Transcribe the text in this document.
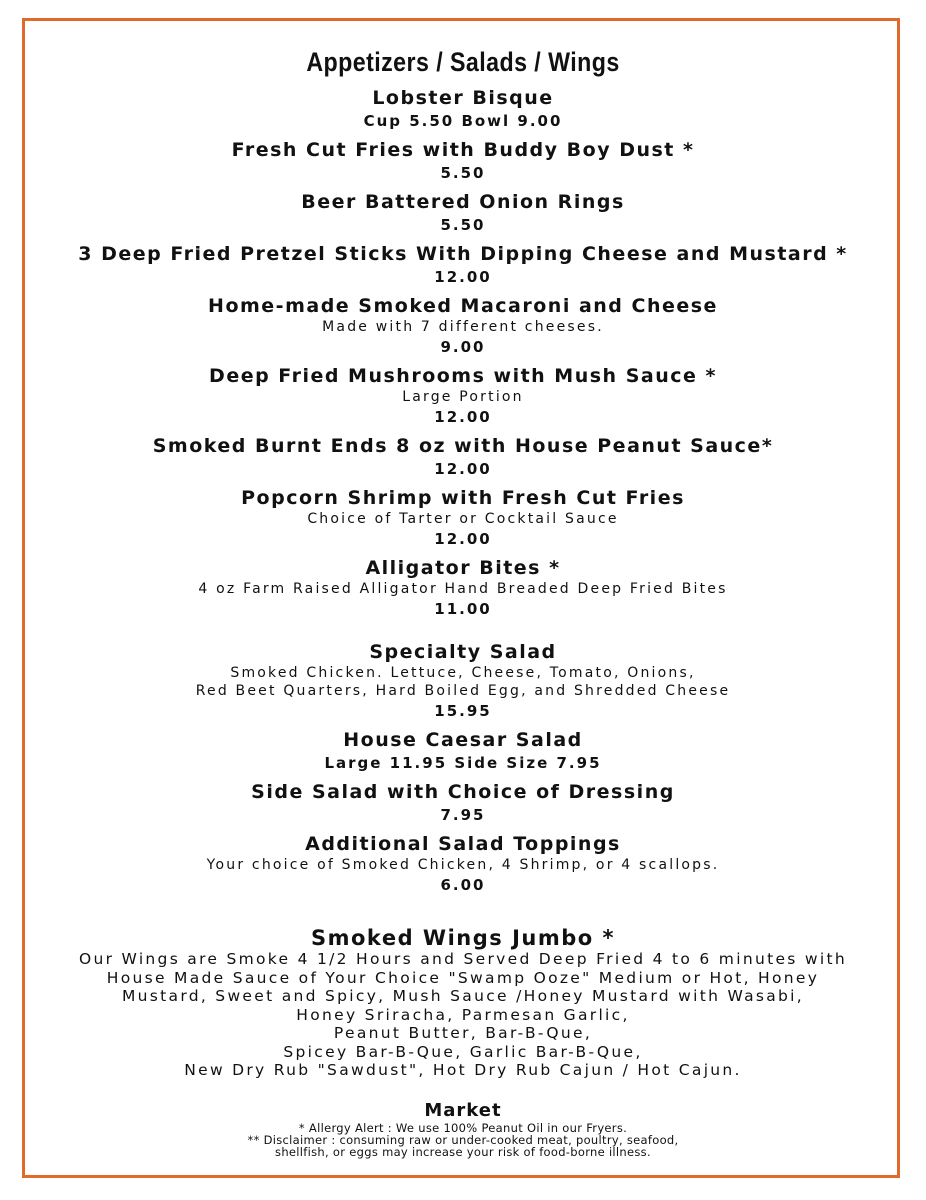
Appetizers / Salads / Wings
Lobster Bisque
Cup 5.50 Bowl 9.00
Fresh Cut Fries with Buddy Boy Dust *
5.50
Beer Battered Onion Rings
5.50
3 Deep Fried Pretzel Sticks With Dipping Cheese and Mustard *
12.00
Home-made Smoked Macaroni and Cheese
Made with 7 different cheeses.
9.00
Deep Fried Mushrooms with Mush Sauce *
Large Portion
12.00
Smoked Burnt Ends 8 oz with House Peanut Sauce*
12.00
Popcorn Shrimp with Fresh Cut Fries
Choice of Tarter or Cocktail Sauce
12.00
Alligator Bites *
4 oz Farm Raised Alligator Hand Breaded Deep Fried Bites
11.00
Specialty Salad
Smoked Chicken. Lettuce, Cheese, Tomato, Onions,
Red Beet Quarters, Hard Boiled Egg, and Shredded Cheese
15.95
House Caesar Salad
Large 11.95 Side Size 7.95
Side Salad with Choice of Dressing
7.95
Additional Salad Toppings
Your choice of Smoked Chicken, 4 Shrimp, or 4 scallops.
6.00
Smoked Wings Jumbo *
Our Wings are Smoke 4 1/2 Hours and Served Deep Fried 4 to 6 minutes with
House Made Sauce of Your Choice "Swamp Ooze" Medium or Hot, Honey
Mustard, Sweet and Spicy, Mush Sauce /Honey Mustard with Wasabi,
Honey Sriracha, Parmesan Garlic,
Peanut Butter, Bar-B-Que,
Spicey Bar-B-Que, Garlic Bar-B-Que,
New Dry Rub "Sawdust", Hot Dry Rub Cajun / Hot Cajun.
Market
* Allergy Alert : We use 100% Peanut Oil in our Fryers.
** Disclaimer : consuming raw or under-cooked meat, poultry, seafood,
shellfish, or eggs may increase your risk of food-borne illness.
